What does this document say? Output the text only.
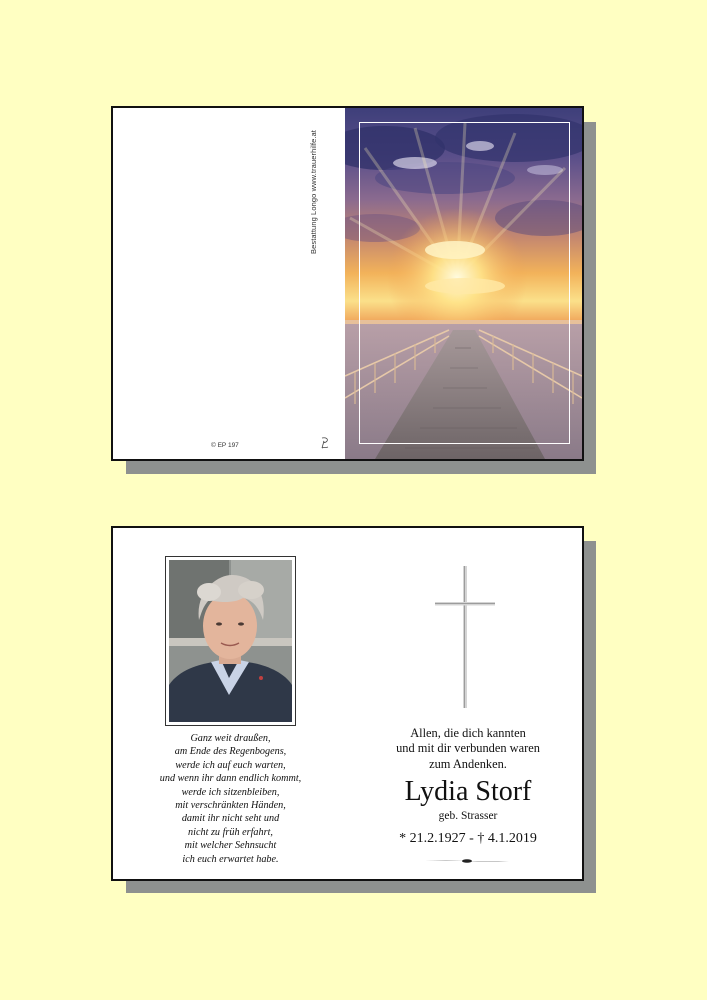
Bestattung Longo www.trauerhilfe.at
© EP 197
Ganz weit draußen,
am Ende des Regenbogens,
werde ich auf euch warten,
und wenn ihr dann endlich kommt,
werde ich sitzenbleiben,
mit verschränkten Händen,
damit ihr nicht seht und
nicht zu früh erfahrt,
mit welcher Sehnsucht
ich euch erwartet habe.
Allen, die dich kannten
und mit dir verbunden waren
zum Andenken.
Lydia Storf
geb. Strasser
* 21.2.1927 - † 4.1.2019
